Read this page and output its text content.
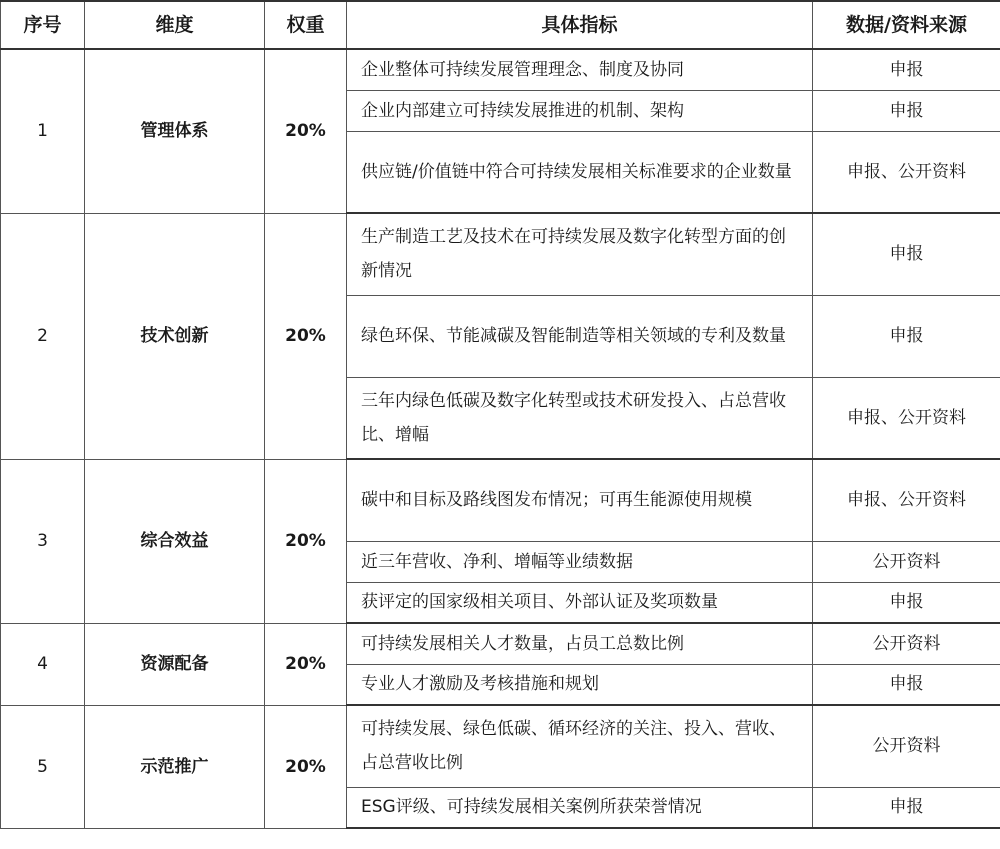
序号	维度	权重	具体指标	数据/资料来源
1	管理体系	20%	企业整体可持续发展管理理念、制度及协同	申报
			企业内部建立可持续发展推进的机制、架构	申报
			供应链/价值链中符合可持续发展相关标准要求的企业数量	申报、公开资料
2	技术创新	20%	生产制造工艺及技术在可持续发展及数字化转型方面的创新情况	申报
			绿色环保、节能减碳及智能制造等相关领域的专利及数量	申报
			三年内绿色低碳及数字化转型或技术研发投入、占总营收比、增幅	申报、公开资料
3	综合效益	20%	碳中和目标及路线图发布情况；可再生能源使用规模	申报、公开资料
			近三年营收、净利、增幅等业绩数据	公开资料
			获评定的国家级相关项目、外部认证及奖项数量	申报
4	资源配备	20%	可持续发展相关人才数量，占员工总数比例	公开资料
			专业人才激励及考核措施和规划	申报
5	示范推广	20%	可持续发展、绿色低碳、循环经济的关注、投入、营收、占总营收比例	公开资料
			ESG评级、可持续发展相关案例所获荣誉情况	申报
